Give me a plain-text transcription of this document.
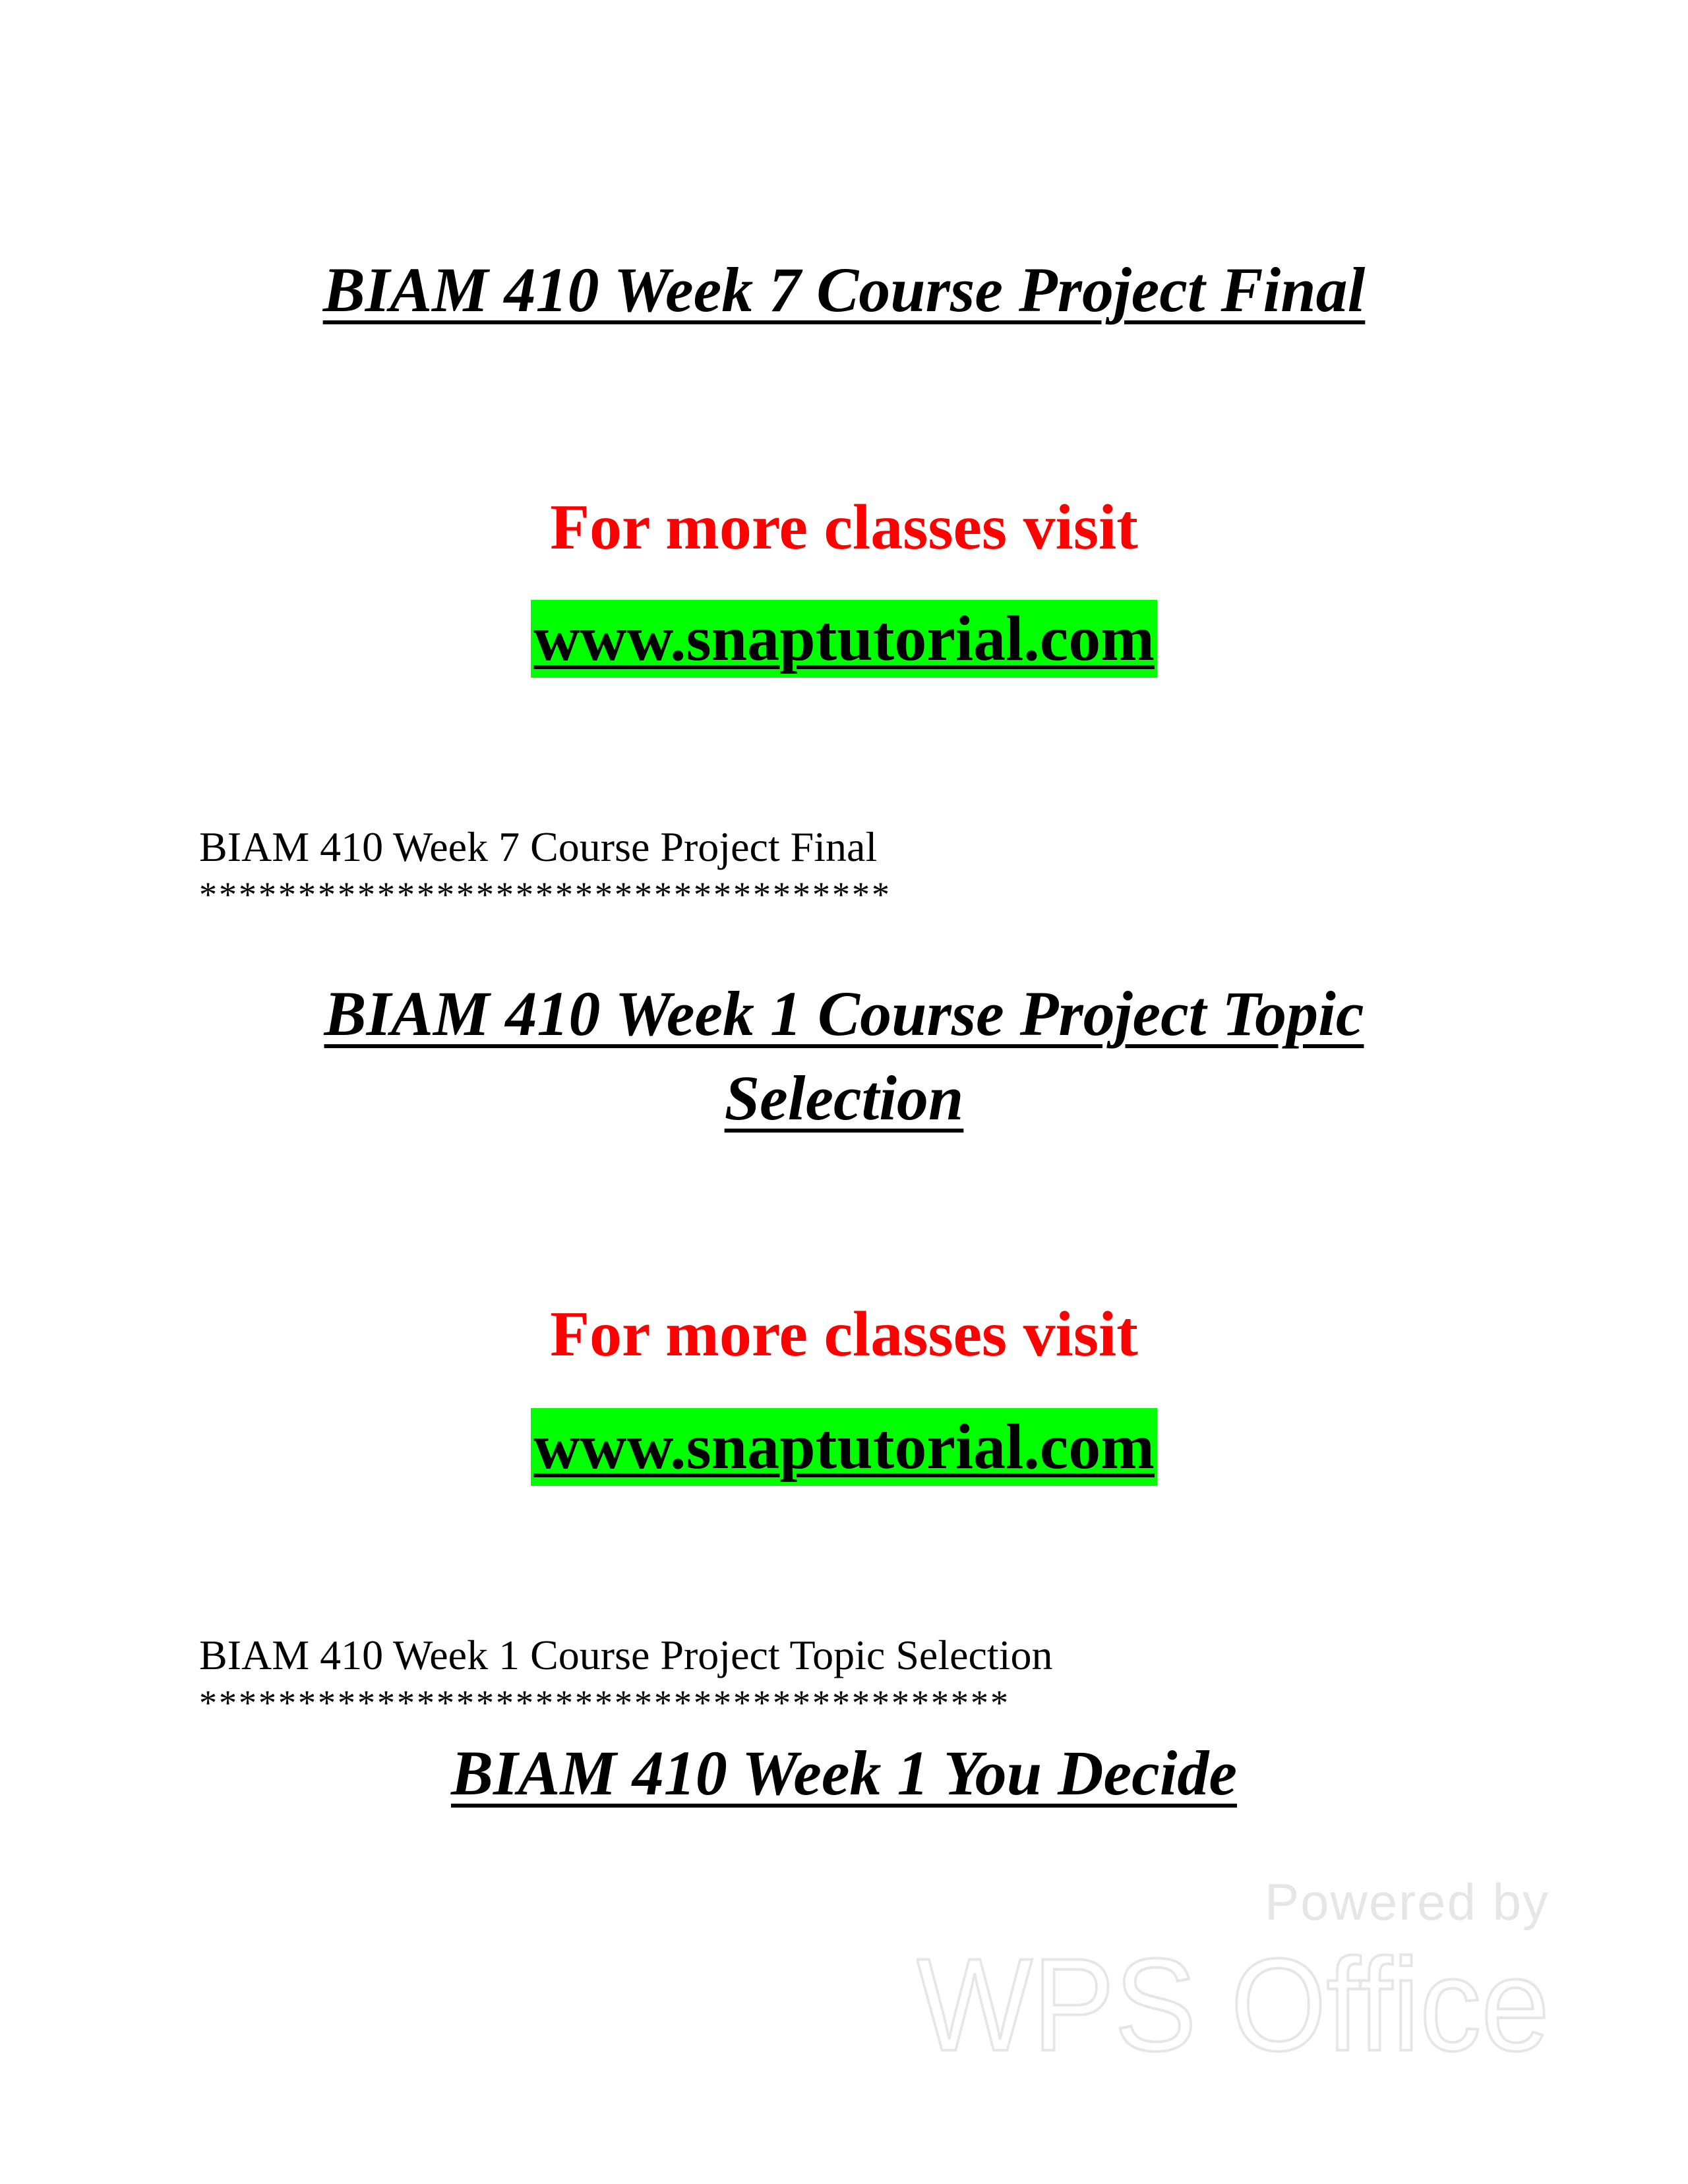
BIAM 410 Week 7 Course Project Final
For more classes visit
www.snaptutorial.com
BIAM 410 Week 7 Course Project Final
***********************************
BIAM 410 Week 1 Course Project Topic
Selection
For more classes visit
www.snaptutorial.com
BIAM 410 Week 1 Course Project Topic Selection
*****************************************
BIAM 410 Week 1 You Decide
Powered by
WPS Office
